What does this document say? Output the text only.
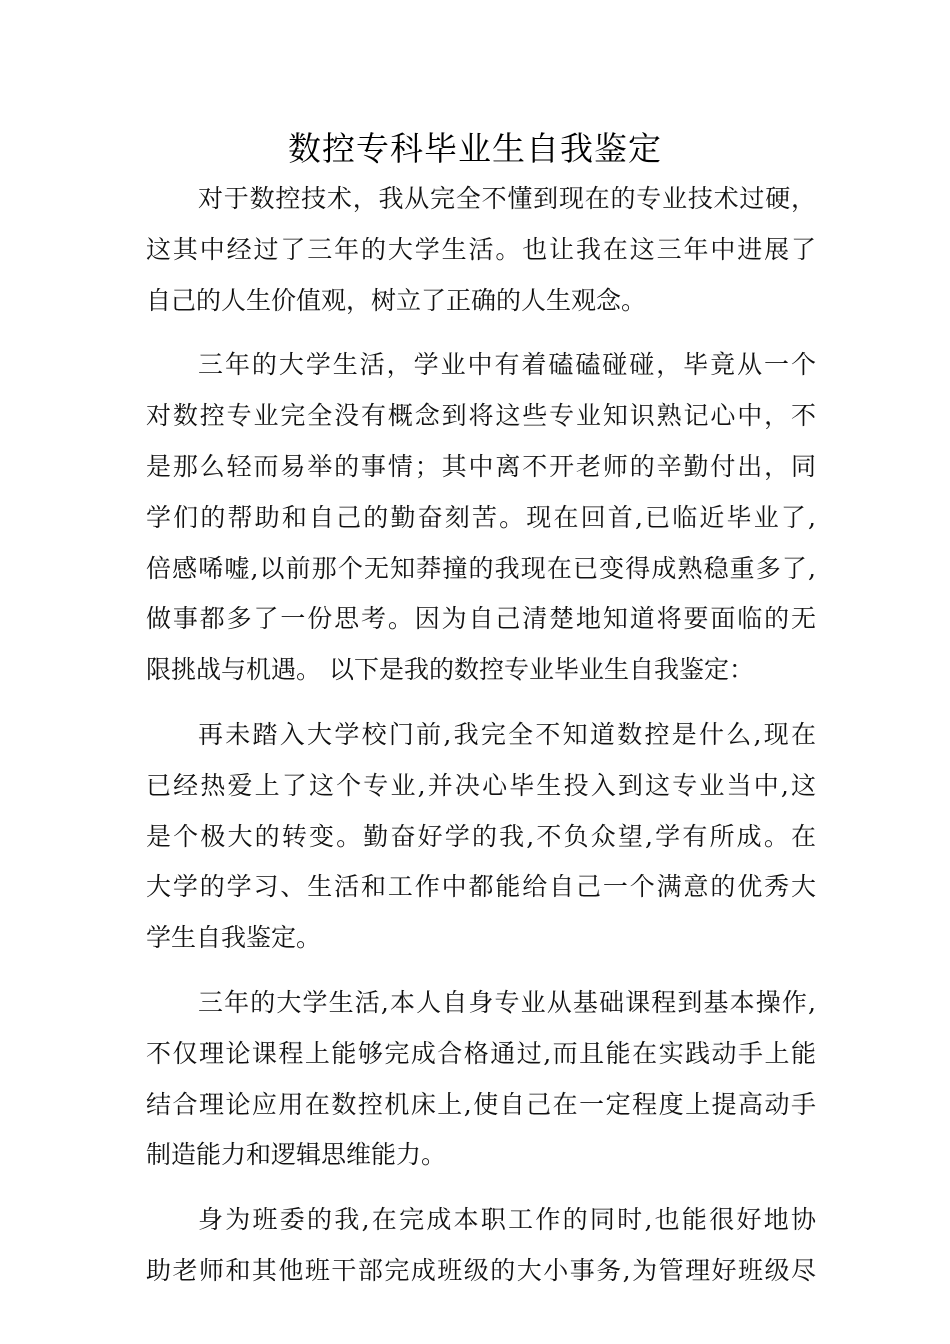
数控专科毕业生自我鉴定
对于数控技术，我从完全不懂到现在的专业技术过硬，
这其中经过了三年的大学生活。也让我在这三年中进展了
自己的人生价值观，树立了正确的人生观念。
三年的大学生活，学业中有着磕磕碰碰，毕竟从一个
对数控专业完全没有概念到将这些专业知识熟记心中，不
是那么轻而易举的事情；其中离不开老师的辛勤付出，同
学们的帮助和自己的勤奋刻苦。现在回首,已临近毕业了,
倍感唏嘘,以前那个无知莽撞的我现在已变得成熟稳重多了,
做事都多了一份思考。因为自己清楚地知道将要面临的无
限挑战与机遇。 以下是我的数控专业毕业生自我鉴定：
再未踏入大学校门前,我完全不知道数控是什么,现在
已经热爱上了这个专业,并决心毕生投入到这专业当中,这
是个极大的转变。勤奋好学的我,不负众望,学有所成。在
大学的学习、生活和工作中都能给自己一个满意的优秀大
学生自我鉴定。
三年的大学生活,本人自身专业从基础课程到基本操作,
不仅理论课程上能够完成合格通过,而且能在实践动手上能
结合理论应用在数控机床上,使自己在一定程度上提高动手
制造能力和逻辑思维能力。
身为班委的我,在完成本职工作的同时,也能很好地协
助老师和其他班干部完成班级的大小事务,为管理好班级尽
